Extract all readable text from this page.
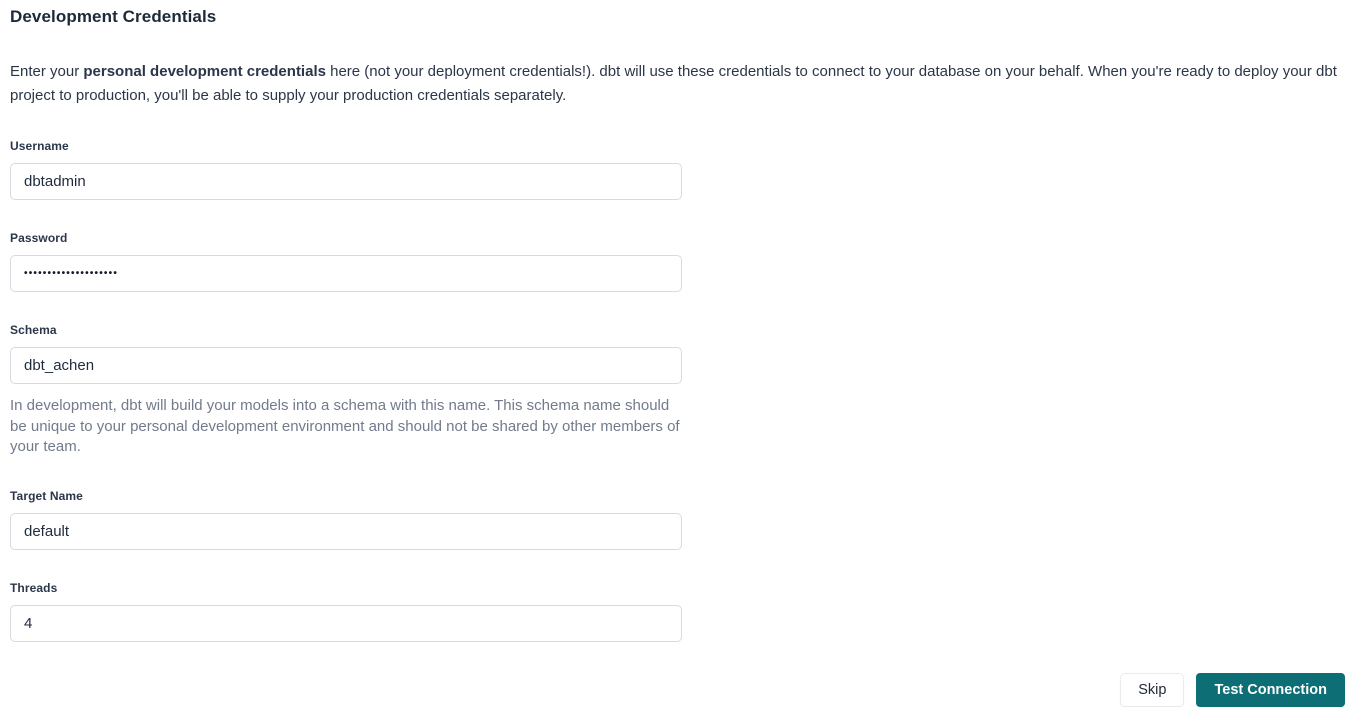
Development Credentials

Enter your personal development credentials here (not your deployment credentials!). dbt will use these credentials to connect to your database on your behalf. When you're ready to deploy your dbt project to production, you'll be able to supply your production credentials separately.

Username
dbtadmin
Password
••••••••••••••••••••
Schema
dbt_achen
In development, dbt will build your models into a schema with this name. This schema name should be unique to your personal development environment and should not be shared by other members of your team.
Target Name
default
Threads
4
Skip	Test Connection
